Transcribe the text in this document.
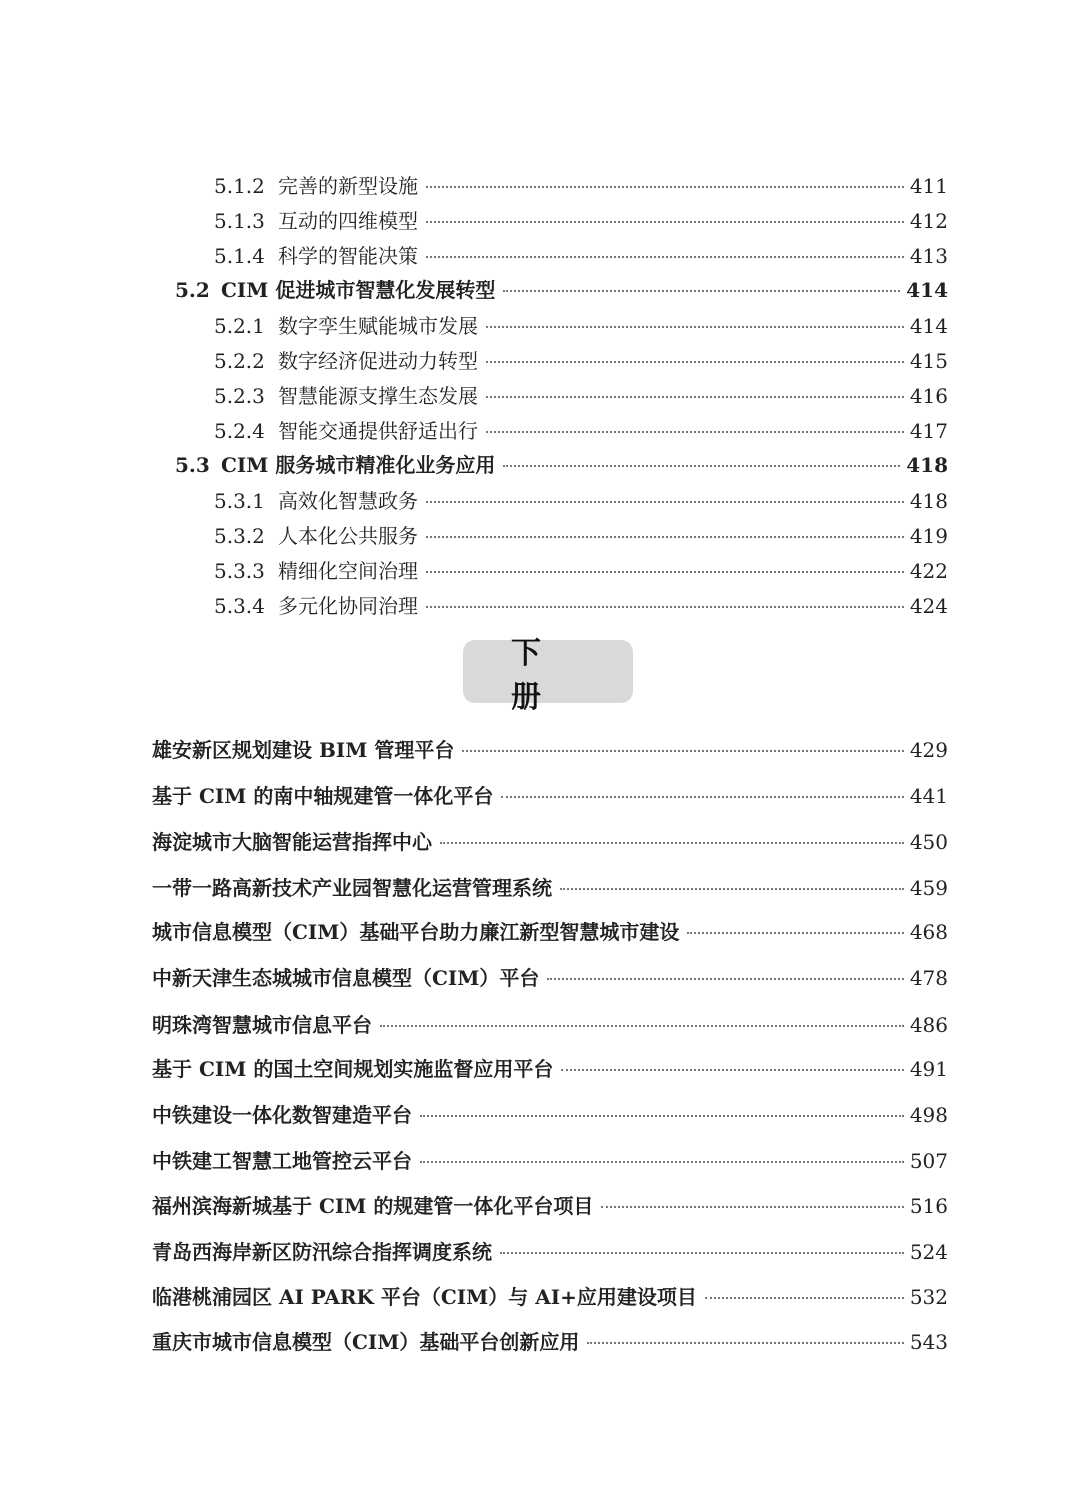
5.1.2 完善的新型设施	411
5.1.3 互动的四维模型	412
5.1.4 科学的智能决策	413
5.2 CIM 促进城市智慧化发展转型	414
5.2.1 数字孪生赋能城市发展	414
5.2.2 数字经济促进动力转型	415
5.2.3 智慧能源支撑生态发展	416
5.2.4 智能交通提供舒适出行	417
5.3 CIM 服务城市精准化业务应用	418
5.3.1 高效化智慧政务	418
5.3.2 人本化公共服务	419
5.3.3 精细化空间治理	422
5.3.4 多元化协同治理	424
下册
雄安新区规划建设 BIM 管理平台	429
基于 CIM 的南中轴规建管一体化平台	441
海淀城市大脑智能运营指挥中心	450
一带一路高新技术产业园智慧化运营管理系统	459
城市信息模型（CIM）基础平台助力廉江新型智慧城市建设	468
中新天津生态城城市信息模型（CIM）平台	478
明珠湾智慧城市信息平台	486
基于 CIM 的国土空间规划实施监督应用平台	491
中铁建设一体化数智建造平台	498
中铁建工智慧工地管控云平台	507
福州滨海新城基于 CIM 的规建管一体化平台项目	516
青岛西海岸新区防汛综合指挥调度系统	524
临港桃浦园区 AI PARK 平台（CIM）与 AI+应用建设项目	532
重庆市城市信息模型（CIM）基础平台创新应用	543
